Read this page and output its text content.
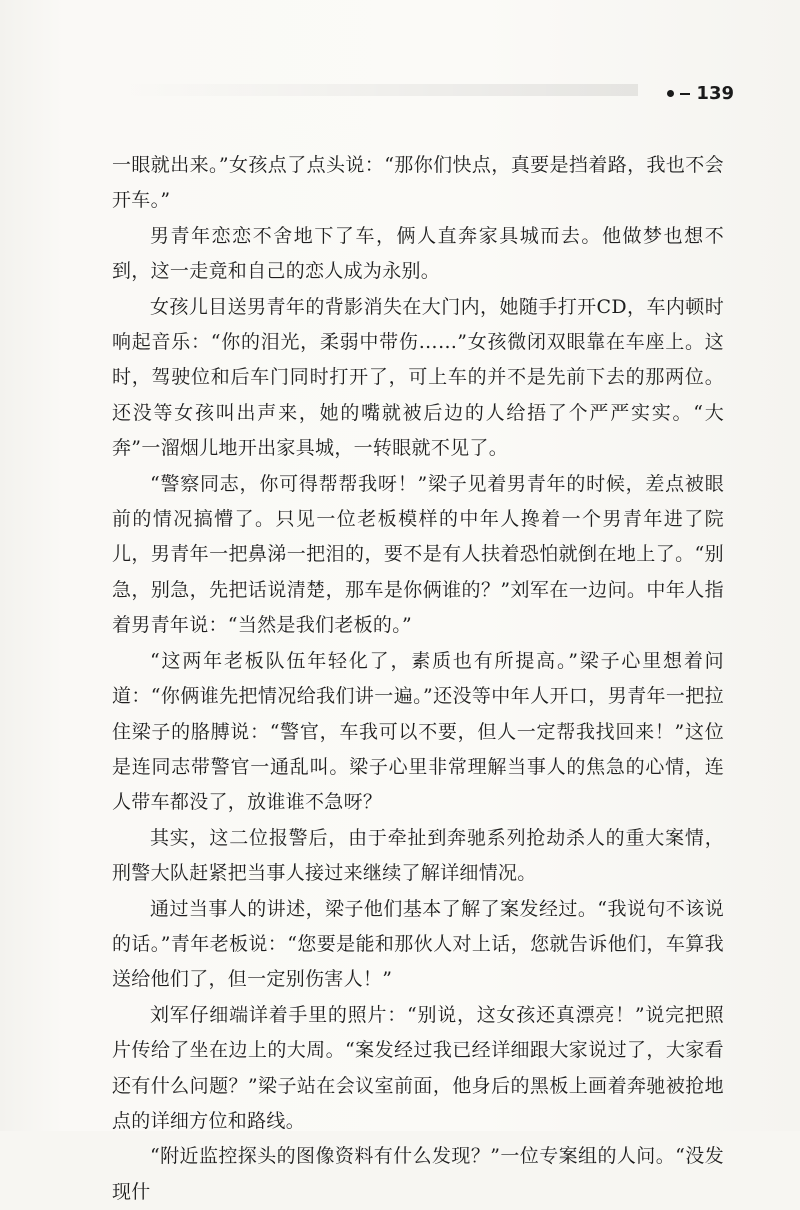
139

一眼就出来。”女孩点了点头说：“那你们快点，真要是挡着路，我也不会开车。”

男青年恋恋不舍地下了车，俩人直奔家具城而去。他做梦也想不到，这一走竟和自己的恋人成为永别。

女孩儿目送男青年的背影消失在大门内，她随手打开CD，车内顿时响起音乐：“你的泪光，柔弱中带伤……”女孩微闭双眼靠在车座上。这时，驾驶位和后车门同时打开了，可上车的并不是先前下去的那两位。还没等女孩叫出声来，她的嘴就被后边的人给捂了个严严实实。“大奔”一溜烟儿地开出家具城，一转眼就不见了。

“警察同志，你可得帮帮我呀！”梁子见着男青年的时候，差点被眼前的情况搞懵了。只见一位老板模样的中年人搀着一个男青年进了院儿，男青年一把鼻涕一把泪的，要不是有人扶着恐怕就倒在地上了。“别急，别急，先把话说清楚，那车是你俩谁的？”刘军在一边问。中年人指着男青年说：“当然是我们老板的。”

“这两年老板队伍年轻化了，素质也有所提高。”梁子心里想着问道：“你俩谁先把情况给我们讲一遍。”还没等中年人开口，男青年一把拉住梁子的胳膊说：“警官，车我可以不要，但人一定帮我找回来！”这位是连同志带警官一通乱叫。梁子心里非常理解当事人的焦急的心情，连人带车都没了，放谁谁不急呀？

其实，这二位报警后，由于牵扯到奔驰系列抢劫杀人的重大案情，刑警大队赶紧把当事人接过来继续了解详细情况。

通过当事人的讲述，梁子他们基本了解了案发经过。“我说句不该说的话。”青年老板说：“您要是能和那伙人对上话，您就告诉他们，车算我送给他们了，但一定别伤害人！”

刘军仔细端详着手里的照片：“别说，这女孩还真漂亮！”说完把照片传给了坐在边上的大周。“案发经过我已经详细跟大家说过了，大家看还有什么问题？”梁子站在会议室前面，他身后的黑板上画着奔驰被抢地点的详细方位和路线。

“附近监控探头的图像资料有什么发现？”一位专案组的人问。“没发现什
